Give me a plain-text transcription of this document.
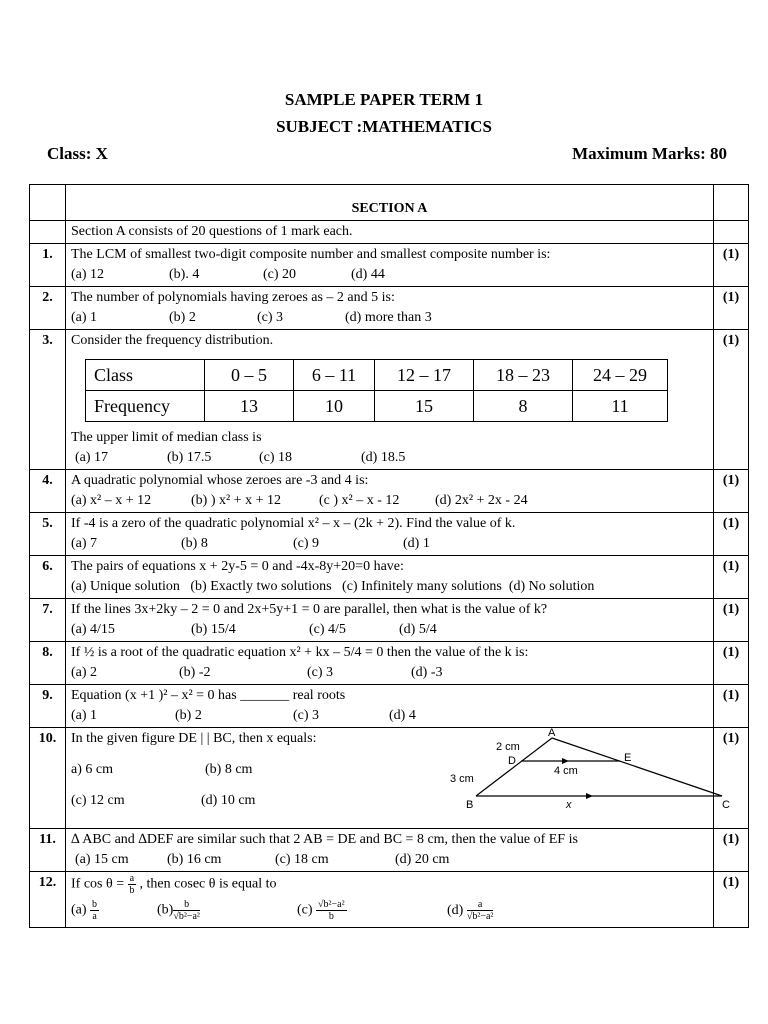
SAMPLE PAPER TERM 1
SUBJECT :MATHEMATICS
Class: X	Maximum Marks: 80
	SECTION A	
	Section A consists of 20 questions of 1 mark each.	
1.	The LCM of smallest two-digit composite number and smallest composite number is:
(a) 12	(b). 4	(c) 20	(d) 44
	(1)
2.	The number of polynomials having zeroes as – 2 and 5 is:
(a) 1	(b) 2	(c) 3	(d) more than 3
	(1)
3.	Consider the frequency distribution.
Class	0 – 5	6 – 11	12 – 17	18 – 23	24 – 29
Frequency	13	10	15	8	11
The upper limit of median class is
(a) 17	(b) 17.5	(c) 18	(d) 18.5
	(1)
4.	A quadratic polynomial whose zeroes are -3 and 4 is:
(a) x² – x + 12	(b) ) x² + x + 12	(c ) x² – x - 12	(d) 2x² + 2x - 24
	(1)
5.	If -4 is a zero of the quadratic polynomial x² – x – (2k + 2). Find the value of k.
(a) 7	(b) 8	(c) 9	(d) 1
	(1)
6.	The pairs of equations x + 2y-5 = 0 and -4x-8y+20=0 have:
(a) Unique solution (b) Exactly two solutions (c) Infinitely many solutions (d) No solution
	(1)
7.	If the lines 3x+2ky – 2 = 0 and 2x+5y+1 = 0 are parallel, then what is the value of k?
(a) 4/15	(b) 15/4	(c) 4/5	(d) 5/4
	(1)
8.	If ½ is a root of the quadratic equation x² + kx – 5/4 = 0 then the value of the k is:
(a) 2	(b) -2	(c) 3	(d) -3
	(1)
9.	Equation (x +1 )² – x² = 0 has _______ real roots
(a) 1	(b) 2	(c) 3	(d) 4
	(1)
10.	In the given figure DE | | BC, then x equals:
a) 6 cm	(b) 8 cm
(c) 12 cm	(d) 10 cm
A
D	E
B	C
2 cm
3 cm
4 cm
x
	(1)
11.	∆ ABC and ∆DEF are similar such that 2 AB = DE and BC = 8 cm, then the value of EF is
(a) 15 cm	(b) 16 cm	(c) 18 cm	(d) 20 cm
	(1)
12.	If $\cos \theta = \frac{a}{b}$ , then cosec θ is equal to
$(a) \frac{b}{a}$	$(b) \frac{b}{\text{√b²−a²}}$	$(c) \frac{\text{√b²−a²}}{b}$	$(d) \frac{a}{\text{√b²−a²}}$
	(1)
